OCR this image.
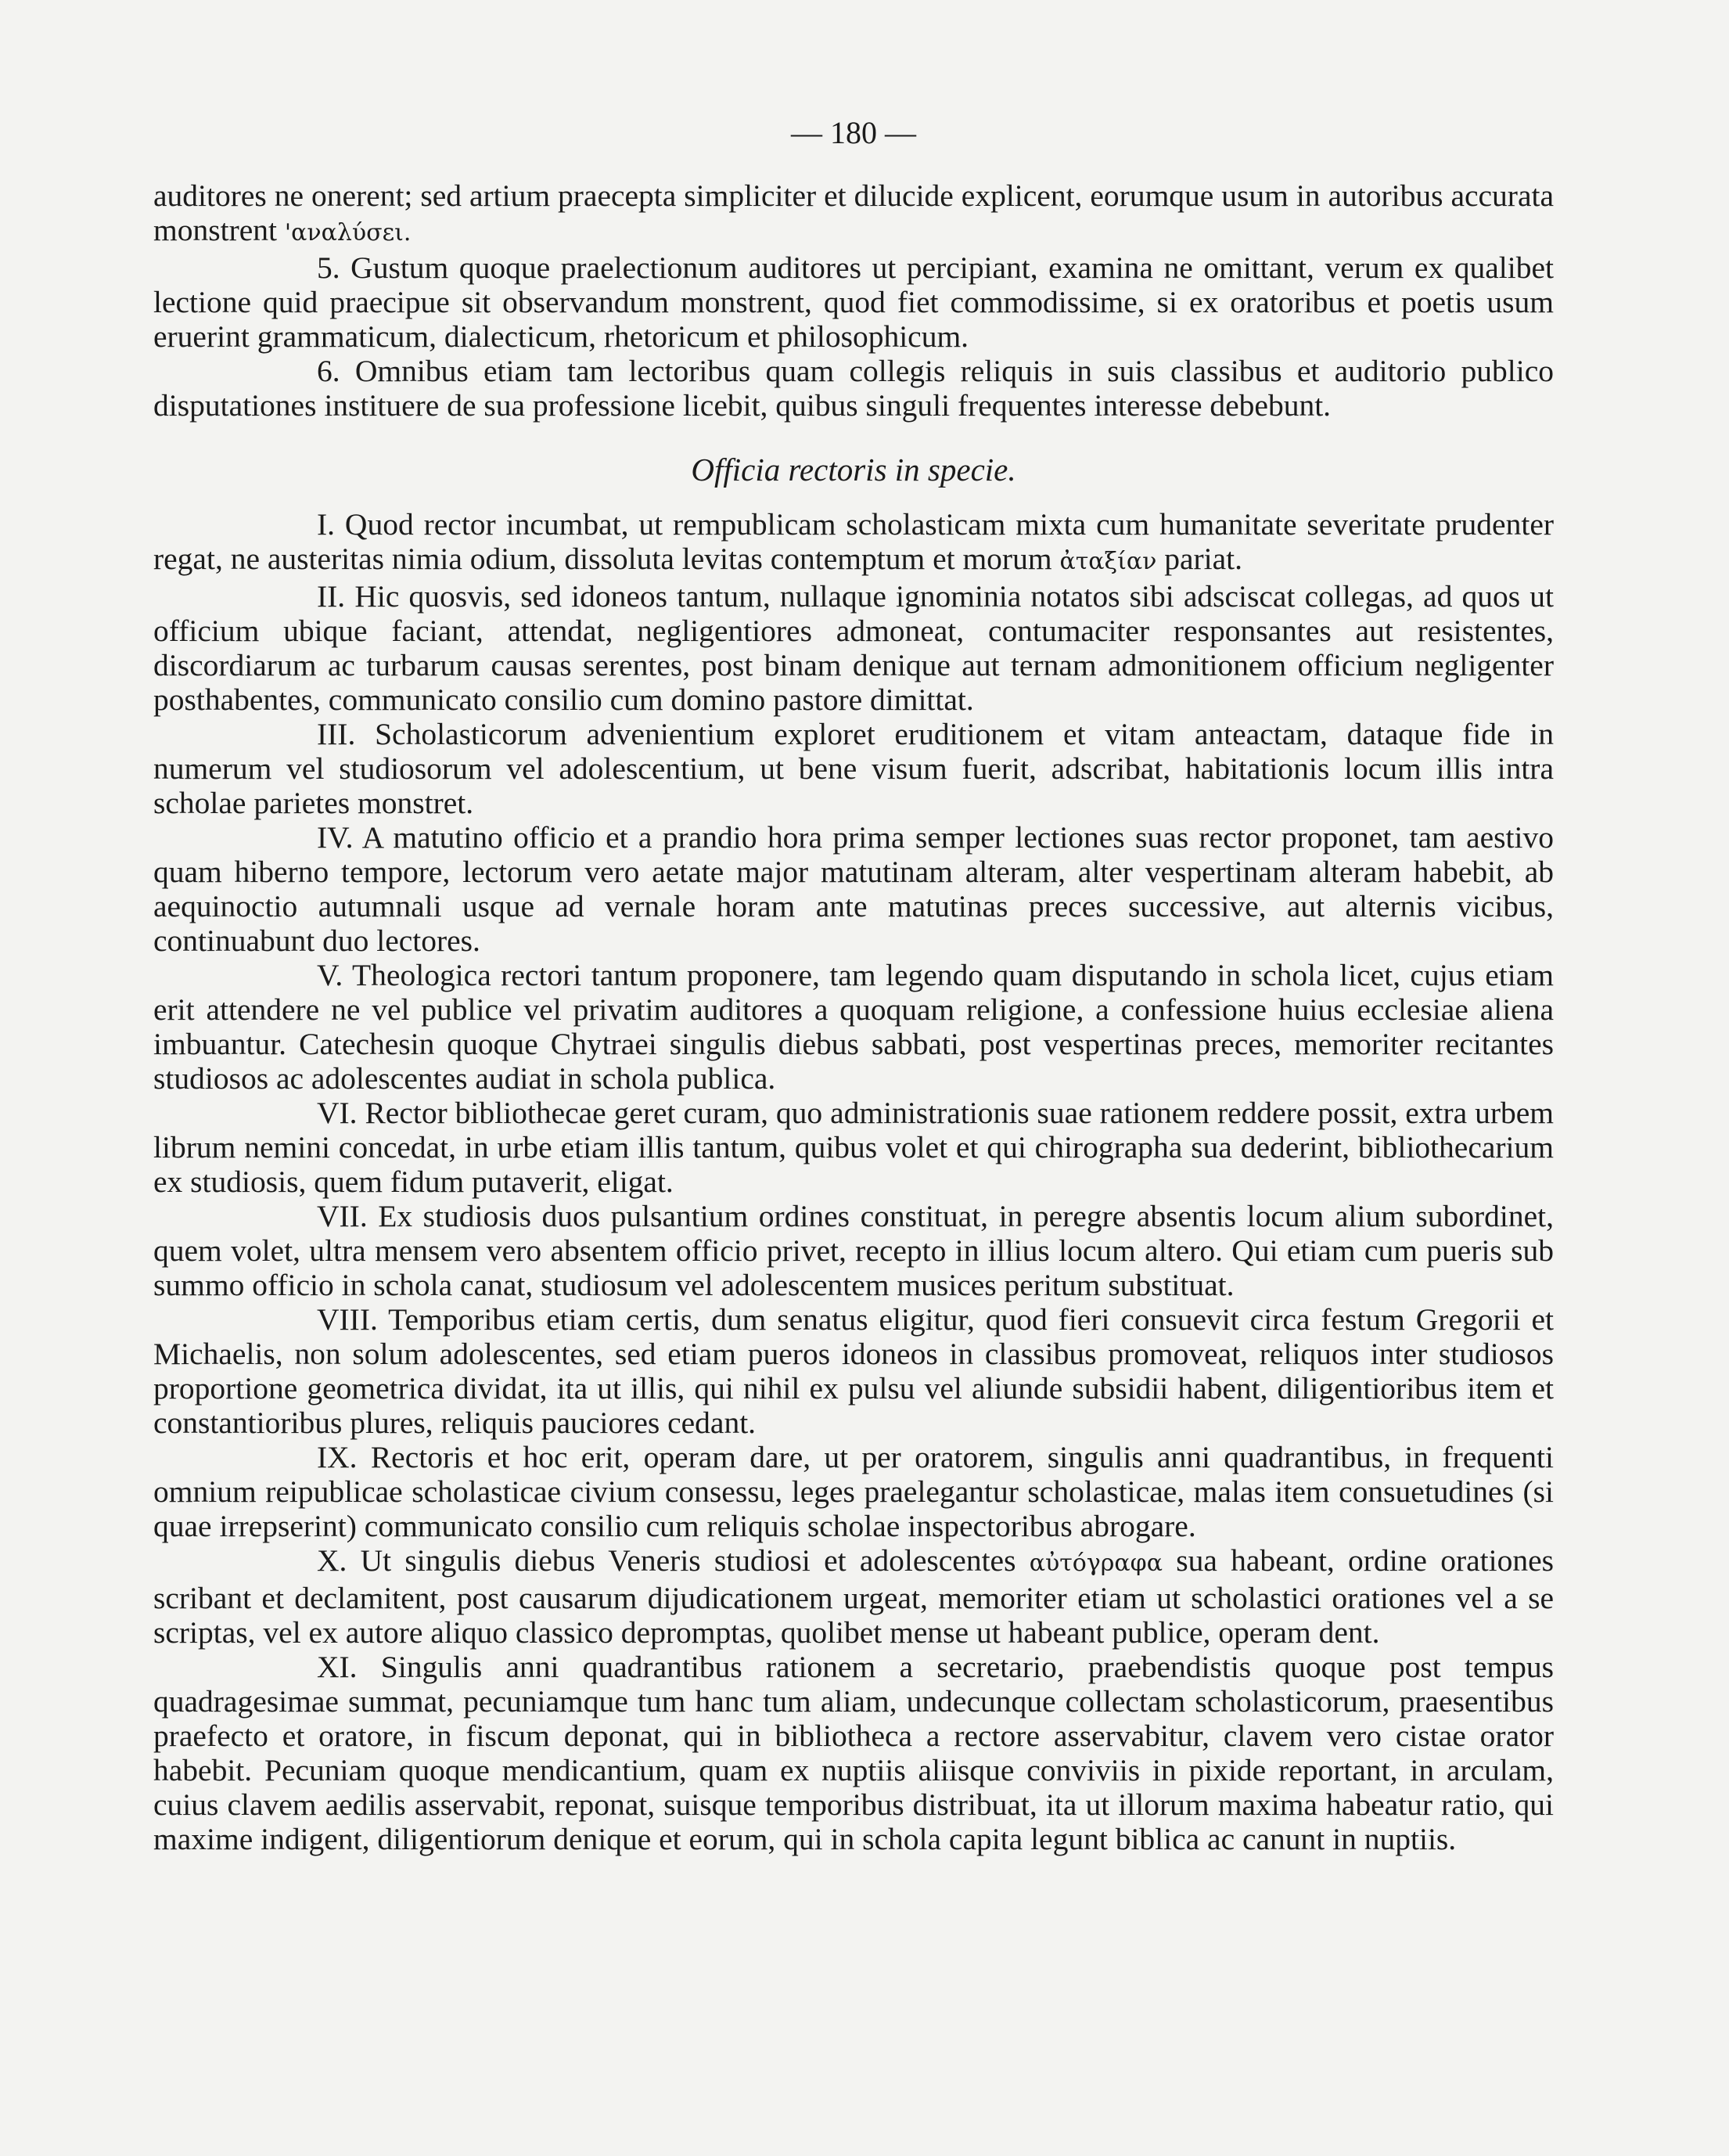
— 180 —

auditores ne onerent; sed artium praecepta simpliciter et dilucide explicent, eorumque usum in autoribus accurata monstrent 'αναλύσει.

5. Gustum quoque praelectionum auditores ut percipiant, examina ne omittant, verum ex qualibet lectione quid praecipue sit observandum monstrent, quod fiet commodissime, si ex oratoribus et poetis usum eruerint grammaticum, dialecticum, rhetoricum et philosophicum.

6. Omnibus etiam tam lectoribus quam collegis reliquis in suis classibus et auditorio publico disputationes instituere de sua professione licebit, quibus singuli frequentes interesse debebunt.

Officia rectoris in specie.

I. Quod rector incumbat, ut rempublicam scholasticam mixta cum humanitate severitate prudenter regat, ne austeritas nimia odium, dissoluta levitas contemptum et morum ἀταξίαν pariat.

II. Hic quosvis, sed idoneos tantum, nullaque ignominia notatos sibi adsciscat collegas, ad quos ut officium ubique faciant, attendat, negligentiores admoneat, contumaciter responsantes aut resistentes, discordiarum ac turbarum causas serentes, post binam denique aut ternam admonitionem officium negligenter posthabentes, communicato consilio cum domino pastore dimittat.

III. Scholasticorum advenientium exploret eruditionem et vitam anteactam, dataque fide in numerum vel studiosorum vel adolescentium, ut bene visum fuerit, adscribat, habitationis locum illis intra scholae parietes monstret.

IV. A matutino officio et a prandio hora prima semper lectiones suas rector proponet, tam aestivo quam hiberno tempore, lectorum vero aetate major matutinam alteram, alter vespertinam alteram habebit, ab aequinoctio autumnali usque ad vernale horam ante matutinas preces successive, aut alternis vicibus, continuabunt duo lectores.

V. Theologica rectori tantum proponere, tam legendo quam disputando in schola licet, cujus etiam erit attendere ne vel publice vel privatim auditores a quoquam religione, a confessione huius ecclesiae aliena imbuantur. Catechesin quoque Chytraei singulis diebus sabbati, post vespertinas preces, memoriter recitantes studiosos ac adolescentes audiat in schola publica.

VI. Rector bibliothecae geret curam, quo administrationis suae rationem reddere possit, extra urbem librum nemini concedat, in urbe etiam illis tantum, quibus volet et qui chirographa sua dederint, bibliothecarium ex studiosis, quem fidum putaverit, eligat.

VII. Ex studiosis duos pulsantium ordines constituat, in peregre absentis locum alium subordinet, quem volet, ultra mensem vero absentem officio privet, recepto in illius locum altero. Qui etiam cum pueris sub summo officio in schola canat, studiosum vel adolescentem musices peritum substituat.

VIII. Temporibus etiam certis, dum senatus eligitur, quod fieri consuevit circa festum Gregorii et Michaelis, non solum adolescentes, sed etiam pueros idoneos in classibus promoveat, reliquos inter studiosos proportione geometrica dividat, ita ut illis, qui nihil ex pulsu vel aliunde subsidii habent, diligentioribus item et constantioribus plures, reliquis pauciores cedant.

IX. Rectoris et hoc erit, operam dare, ut per oratorem, singulis anni quadrantibus, in frequenti omnium reipublicae scholasticae civium consessu, leges praelegantur scholasticae, malas item consuetudines (si quae irrepserint) communicato consilio cum reliquis scholae inspectoribus abrogare.

X. Ut singulis diebus Veneris studiosi et adolescentes αὐτόγραφα sua habeant, ordine orationes scribant et declamitent, post causarum dijudicationem urgeat, memoriter etiam ut scholastici orationes vel a se scriptas, vel ex autore aliquo classico depromptas, quolibet mense ut habeant publice, operam dent.

XI. Singulis anni quadrantibus rationem a secretario, praebendistis quoque post tempus quadragesimae summat, pecuniamque tum hanc tum aliam, undecunque collectam scholasticorum, praesentibus praefecto et oratore, in fiscum deponat, qui in bibliotheca a rectore asservabitur, clavem vero cistae orator habebit. Pecuniam quoque mendicantium, quam ex nuptiis aliisque conviviis in pixide reportant, in arculam, cuius clavem aedilis asservabit, reponat, suisque temporibus distribuat, ita ut illorum maxima habeatur ratio, qui maxime indigent, diligentiorum denique et eorum, qui in schola capita legunt biblica ac canunt in nuptiis.
